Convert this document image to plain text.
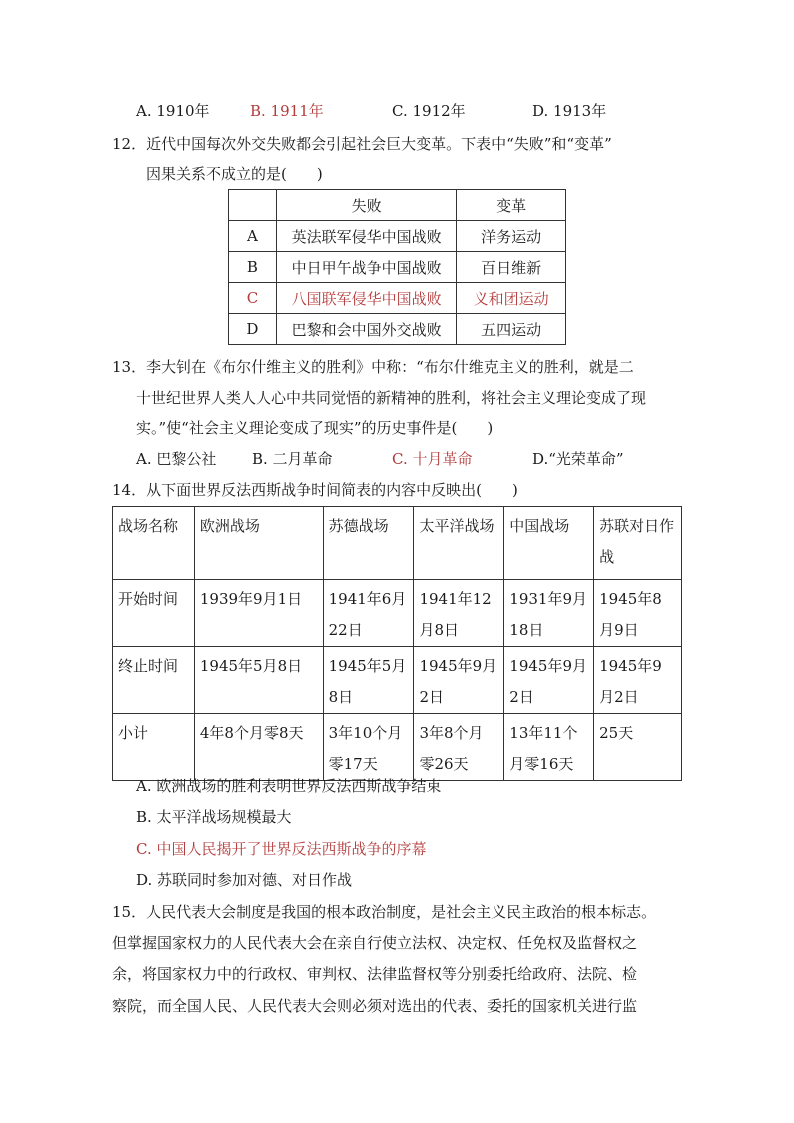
A. 1910年	B. 1911年	C. 1912年	D. 1913年
12．近代中国每次外交失败都会引起社会巨大变革。下表中“失败”和“变革”
因果关系不成立的是(　　)
	失败	变革
A	英法联军侵华中国战败	洋务运动
B	中日甲午战争中国战败	百日维新
C	八国联军侵华中国战败	义和团运动
D	巴黎和会中国外交战败	五四运动
13．李大钊在《布尔什维主义的胜利》中称：“布尔什维克主义的胜利，就是二
十世纪世界人类人人心中共同觉悟的新精神的胜利，将社会主义理论变成了现
实。”使“社会主义理论变成了现实”的历史事件是(　　)
A. 巴黎公社 B. 二月革命	C. 十月革命	D.“光荣革命”
14．从下面世界反法西斯战争时间简表的内容中反映出(　　)
战场名称	欧洲战场	苏德战场	太平洋战场	中国战场	苏联对日作战
开始时间	1939年9月1日	1941年6月22日	1941年12月8日	1931年9月18日	1945年8月9日
终止时间	1945年5月8日	1945年5月8日	1945年9月2日	1945年9月2日	1945年9月2日
小计	4年8个月零8天	3年10个月零17天	3年8个月零26天	13年11个月零16天	25天
A. 欧洲战场的胜利表明世界反法西斯战争结束
B. 太平洋战场规模最大
C. 中国人民揭开了世界反法西斯战争的序幕
D. 苏联同时参加对德、对日作战
15．人民代表大会制度是我国的根本政治制度，是社会主义民主政治的根本标志。
但掌握国家权力的人民代表大会在亲自行使立法权、决定权、任免权及监督权之
余，将国家权力中的行政权、审判权、法律监督权等分别委托给政府、法院、检
察院，而全国人民、人民代表大会则必须对选出的代表、委托的国家机关进行监
